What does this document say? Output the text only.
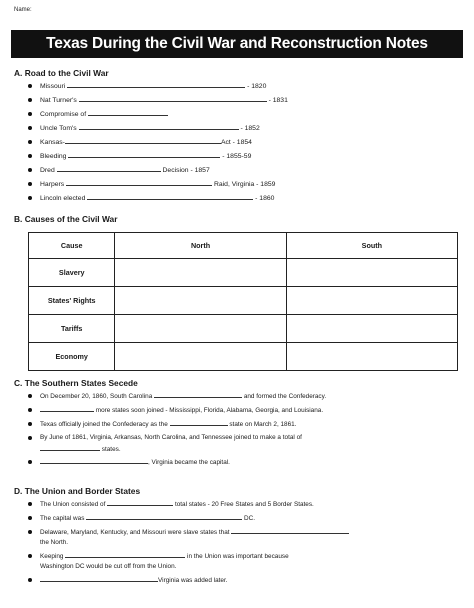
Name:
Texas During the Civil War and Reconstruction Notes
A. Road to the Civil War
Missouri	- 1820
Nat Turner's	- 1831
Compromise of
Uncle Tom's	- 1852
Kansas-	Act - 1854
Bleeding	- 1855-59
Dred	Decision - 1857
Harpers	Raid, Virginia - 1859
Lincoln elected	- 1860
B. Causes of the Civil War
Cause	North	South
Slavery		
States' Rights		
Tariffs		
Economy		
C. The Southern States Secede
On December 20, 1860, South Carolina	and formed the Confederacy.
more states soon joined - Mississippi, Florida, Alabama, Georgia, and Louisiana.
Texas officially joined the Confederacy as the	state on March 2, 1861.
By June of 1861, Virginia, Arkansas, North Carolina, and Tennessee joined to make a total of
states.
, Virginia became the capital.
D. The Union and Border States
The Union consisted of	total states - 20 Free States and 5 Border States.
The capital was	DC.
Delaware, Maryland, Kentucky, and Missouri were slave states that
the North.
Keeping	in the Union was important because
Washington DC would be cut off from the Union.
Virginia was added later.
